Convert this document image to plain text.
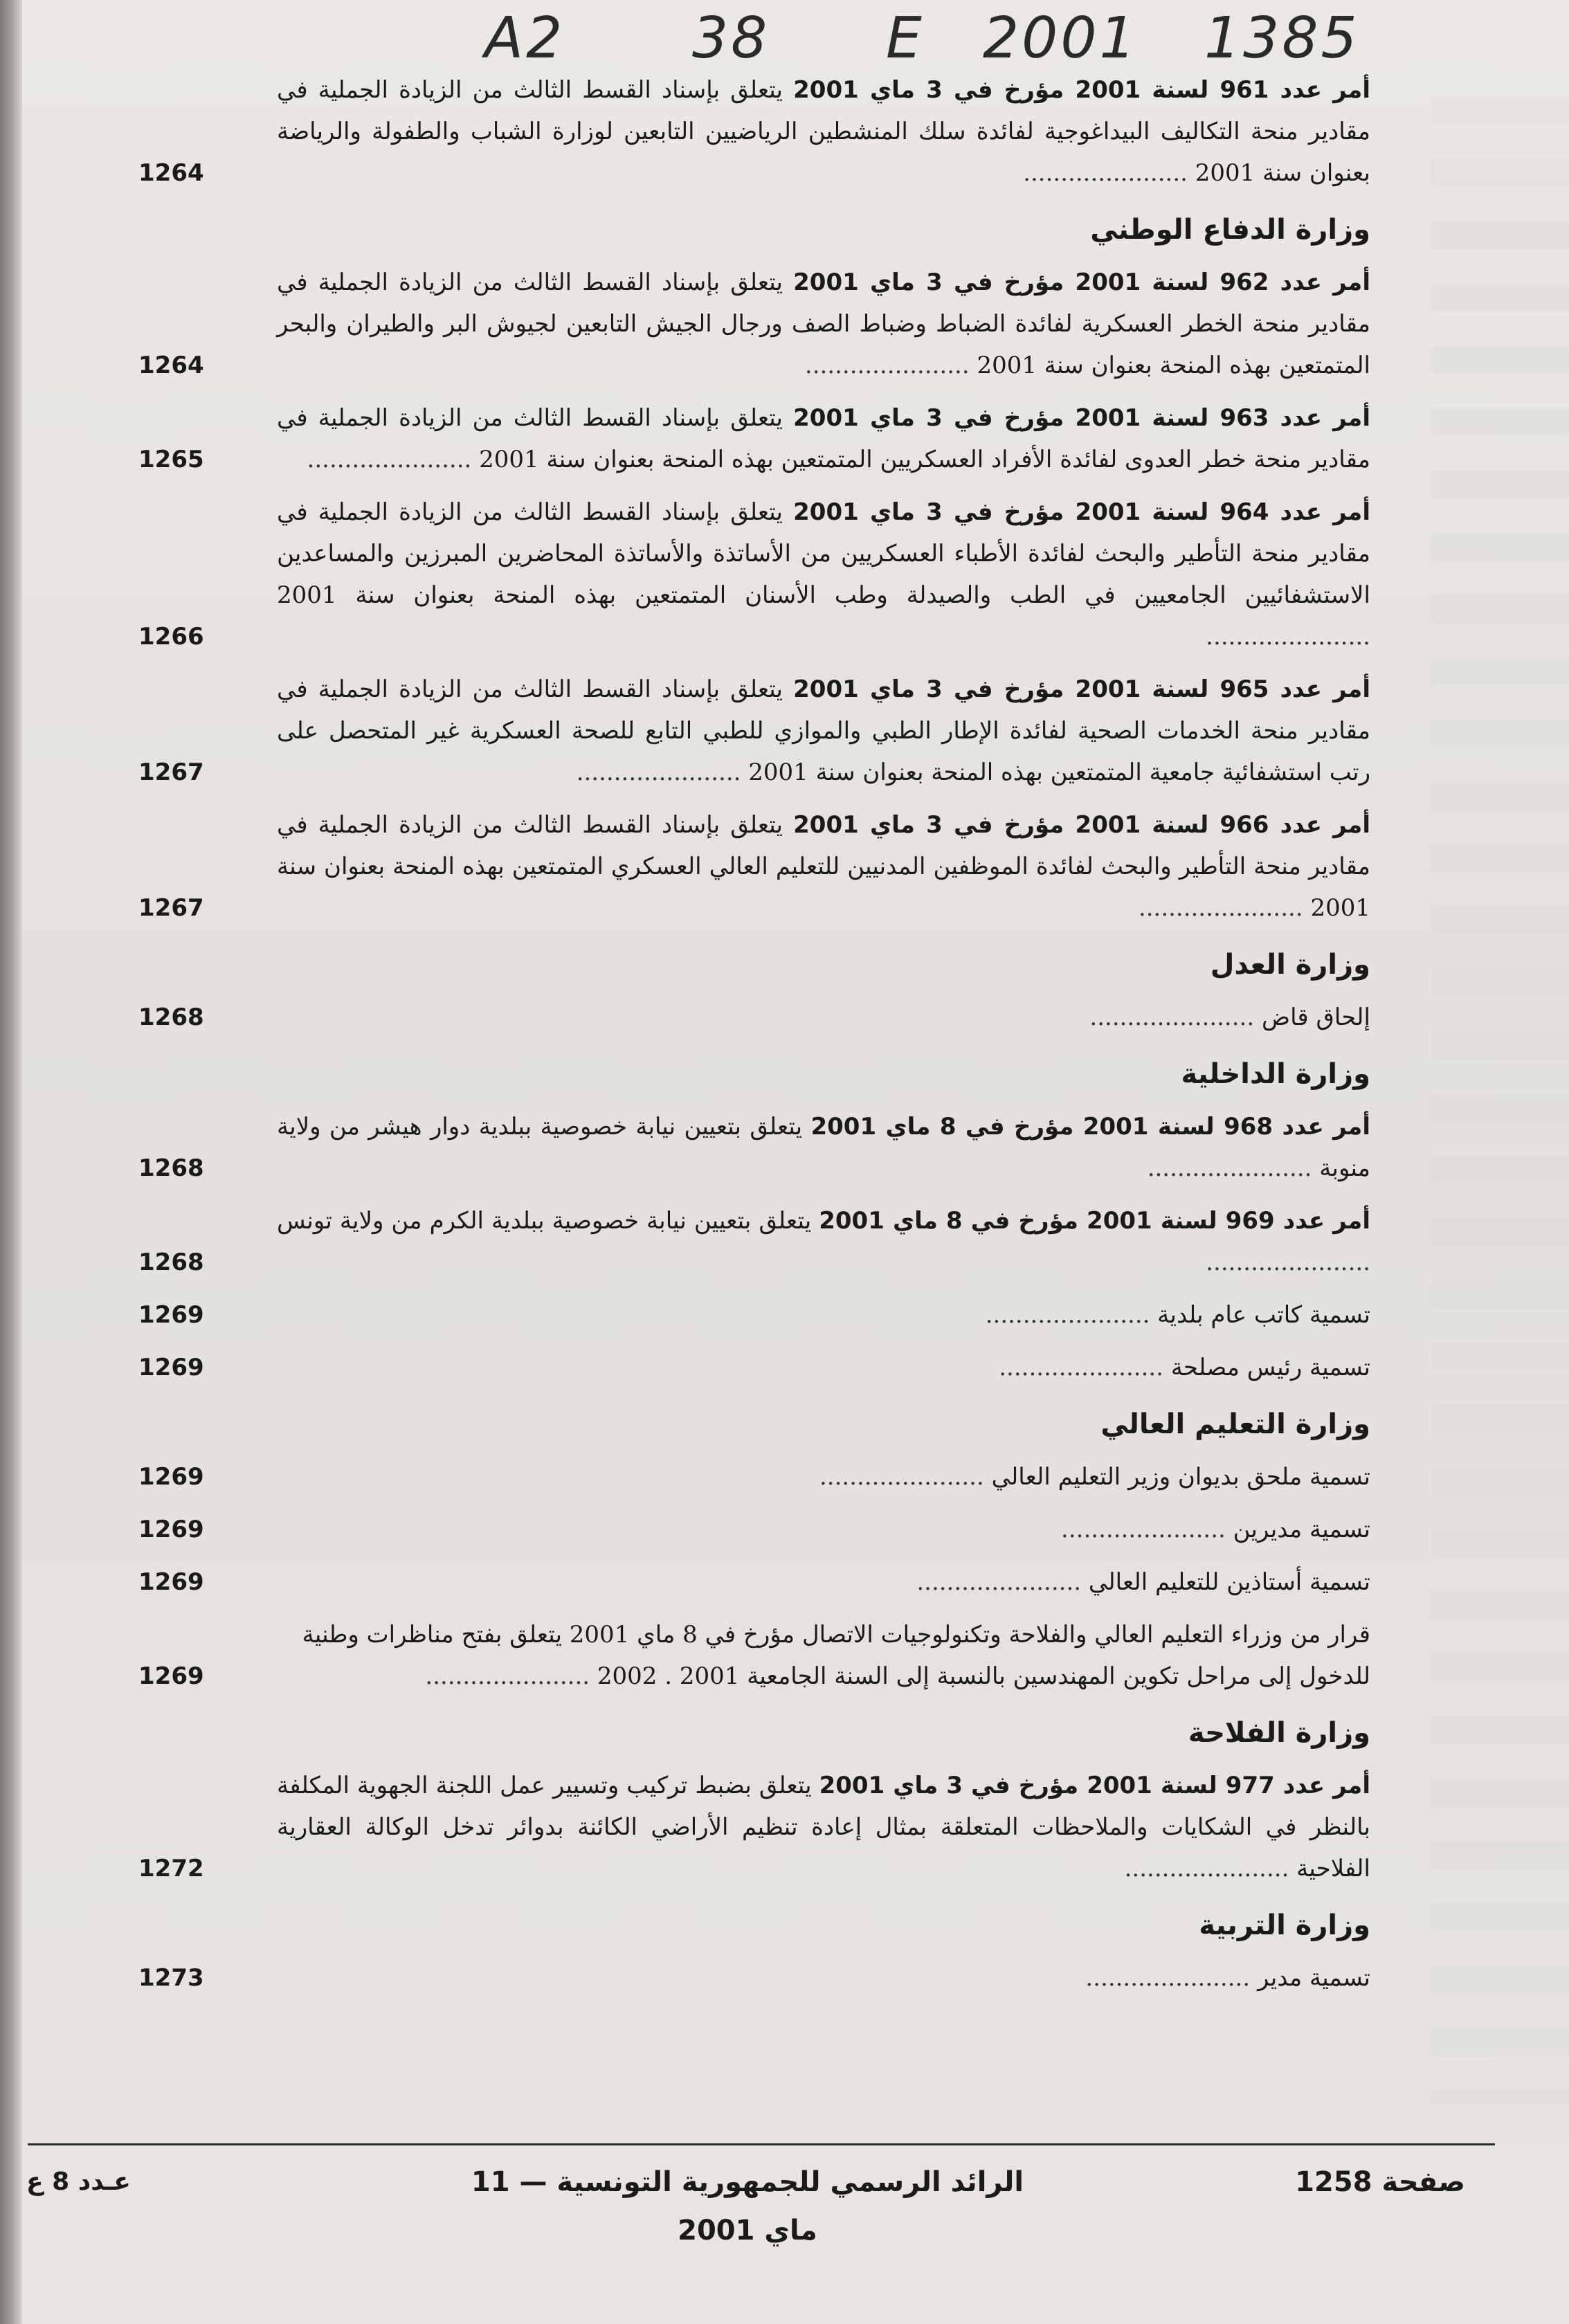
A2 38 E 2001 1385
أمر عدد 961 لسنة 2001 مؤرخ في 3 ماي 2001 يتعلق بإسناد القسط الثالث من الزيادة الجملية في مقادير منحة التكاليف البيداغوجية لفائدة سلك المنشطين الرياضيين التابعين لوزارة الشباب والطفولة والرياضة بعنوان سنة 2001 ......................
1264
وزارة الدفاع الوطني
أمر عدد 962 لسنة 2001 مؤرخ في 3 ماي 2001 يتعلق بإسناد القسط الثالث من الزيادة الجملية في مقادير منحة الخطر العسكرية لفائدة الضباط وضباط الصف ورجال الجيش التابعين لجيوش البر والطيران والبحر المتمتعين بهذه المنحة بعنوان سنة 2001 ......................
1264
أمر عدد 963 لسنة 2001 مؤرخ في 3 ماي 2001 يتعلق بإسناد القسط الثالث من الزيادة الجملية في مقادير منحة خطر العدوى لفائدة الأفراد العسكريين المتمتعين بهذه المنحة بعنوان سنة 2001 ......................
1265
أمر عدد 964 لسنة 2001 مؤرخ في 3 ماي 2001 يتعلق بإسناد القسط الثالث من الزيادة الجملية في مقادير منحة التأطير والبحث لفائدة الأطباء العسكريين من الأساتذة والأساتذة المحاضرين المبرزين والمساعدين الاستشفائيين الجامعيين في الطب والصيدلة وطب الأسنان المتمتعين بهذه المنحة بعنوان سنة 2001 ......................
1266
أمر عدد 965 لسنة 2001 مؤرخ في 3 ماي 2001 يتعلق بإسناد القسط الثالث من الزيادة الجملية في مقادير منحة الخدمات الصحية لفائدة الإطار الطبي والموازي للطبي التابع للصحة العسكرية غير المتحصل على رتب استشفائية جامعية المتمتعين بهذه المنحة بعنوان سنة 2001 ......................
1267
أمر عدد 966 لسنة 2001 مؤرخ في 3 ماي 2001 يتعلق بإسناد القسط الثالث من الزيادة الجملية في مقادير منحة التأطير والبحث لفائدة الموظفين المدنيين للتعليم العالي العسكري المتمتعين بهذه المنحة بعنوان سنة 2001 ......................
1267
وزارة العدل
إلحاق قاض ......................
1268
وزارة الداخلية
أمر عدد 968 لسنة 2001 مؤرخ في 8 ماي 2001 يتعلق بتعيين نيابة خصوصية ببلدية دوار هيشر من ولاية منوبة ......................
1268
أمر عدد 969 لسنة 2001 مؤرخ في 8 ماي 2001 يتعلق بتعيين نيابة خصوصية ببلدية الكرم من ولاية تونس ......................
1268
تسمية كاتب عام بلدية ......................
1269
تسمية رئيس مصلحة ......................
1269
وزارة التعليم العالي
تسمية ملحق بديوان وزير التعليم العالي ......................
1269
تسمية مديرين ......................
1269
تسمية أستاذين للتعليم العالي ......................
1269
قرار من وزراء التعليم العالي والفلاحة وتكنولوجيات الاتصال مؤرخ في 8 ماي 2001 يتعلق بفتح مناظرات وطنية للدخول إلى مراحل تكوين المهندسين بالنسبة إلى السنة الجامعية 2001 . 2002 ......................
1269
وزارة الفلاحة
أمر عدد 977 لسنة 2001 مؤرخ في 3 ماي 2001 يتعلق بضبط تركيب وتسيير عمل اللجنة الجهوية المكلفة بالنظر في الشكايات والملاحظات المتعلقة بمثال إعادة تنظيم الأراضي الكائنة بدوائر تدخل الوكالة العقارية الفلاحية ......................
1272
وزارة التربية
تسمية مدير ......................
1273
صفحة 1258
الرائد الرسمي للجمهورية التونسية — 11 ماي 2001
عـدد 8 ع
